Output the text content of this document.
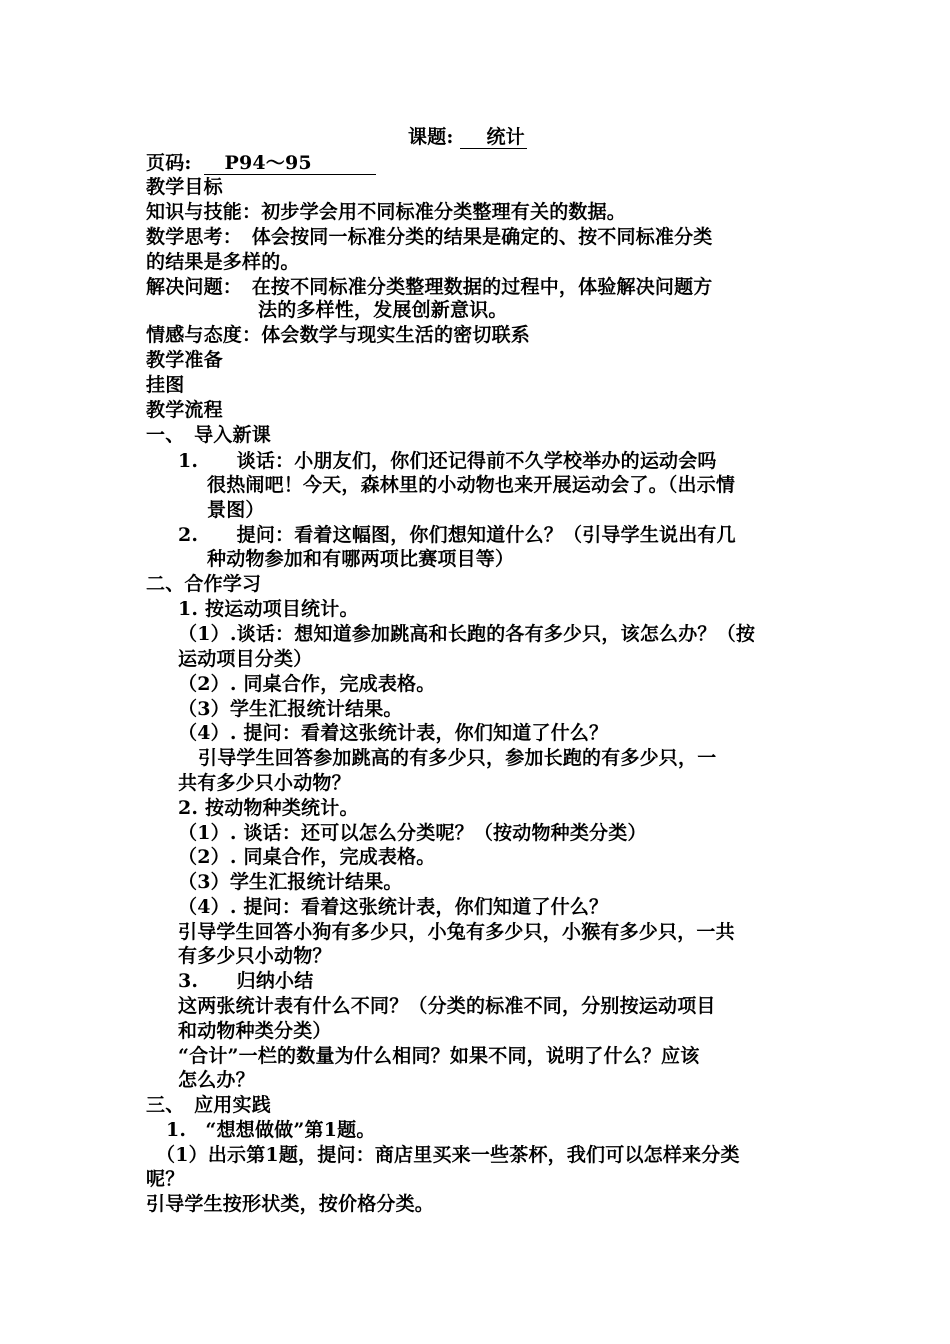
课题: 统计
页码: P94～95
教学目标
知识与技能：初步学会用不同标准分类整理有关的数据。
数学思考：　体会按同一标准分类的结果是确定的、按不同标准分类
的结果是多样的。
解决问题：　在按不同标准分类整理数据的过程中，体验解决问题方
法的多样性，发展创新意识。
情感与态度：体会数学与现实生活的密切联系
教学准备
挂图
教学流程
一、　导入新课
1.　　谈话：小朋友们，你们还记得前不久学校举办的运动会吗
很热闹吧！今天，森林里的小动物也来开展运动会了。（出示情
景图）
2.　　提问：看着这幅图，你们想知道什么？（引导学生说出有几
种动物参加和有哪两项比赛项目等）
二、合作学习
1. 按运动项目统计。
（1）.谈话：想知道参加跳高和长跑的各有多少只，该怎么办？（按
运动项目分类）
（2）. 同桌合作，完成表格。
（3）学生汇报统计结果。
（4）. 提问：看着这张统计表，你们知道了什么？
引导学生回答参加跳高的有多少只，参加长跑的有多少只，一
共有多少只小动物？
2. 按动物种类统计。
（1）. 谈话：还可以怎么分类呢？（按动物种类分类）
（2）. 同桌合作，完成表格。
（3）学生汇报统计结果。
（4）. 提问：看着这张统计表，你们知道了什么？
引导学生回答小狗有多少只，小兔有多少只，小猴有多少只，一共
有多少只小动物？
3.　　归纳小结
这两张统计表有什么不同？（分类的标准不同，分别按运动项目
和动物种类分类）
“合计”一栏的数量为什么相同？如果不同，说明了什么？应该
怎么办？
三、　应用实践
1.　“想想做做”第1题。
（1）出示第1题，提问：商店里买来一些茶杯，我们可以怎样来分类
呢？
引导学生按形状类，按价格分类。
